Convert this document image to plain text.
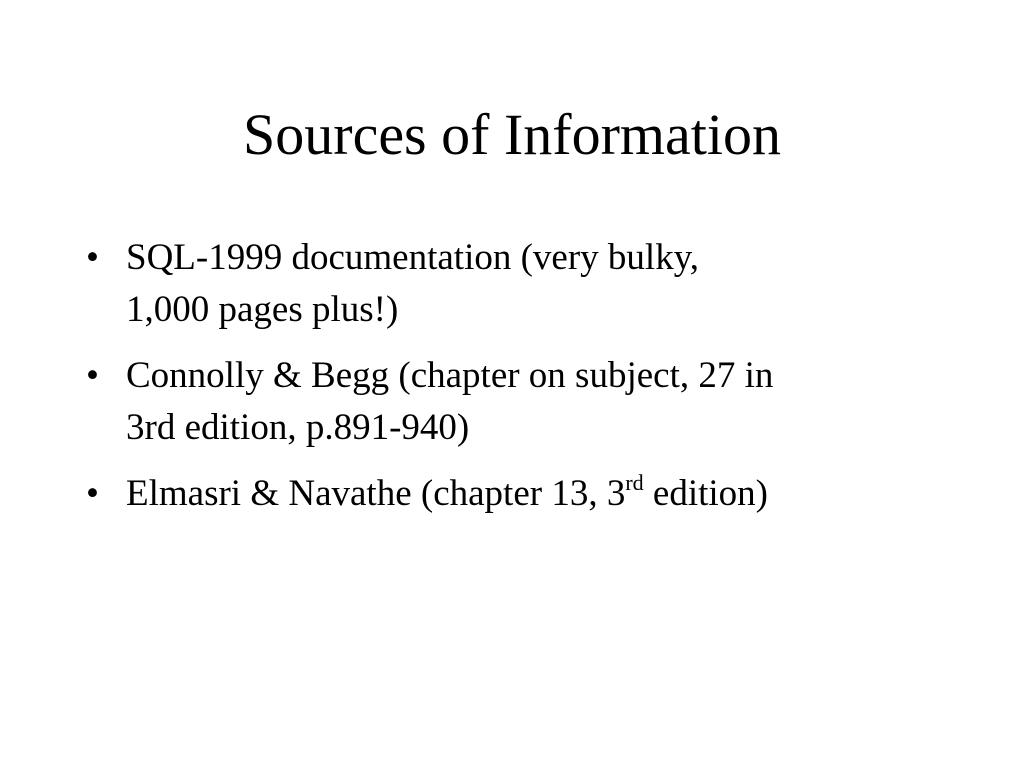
Sources of Information
• SQL-1999 documentation (very bulky,
1,000 pages plus!)
• Connolly & Begg (chapter on subject, 27 in
3rd edition, p.891-940)
• Elmasri & Navathe (chapter 13, 3rd edition)
